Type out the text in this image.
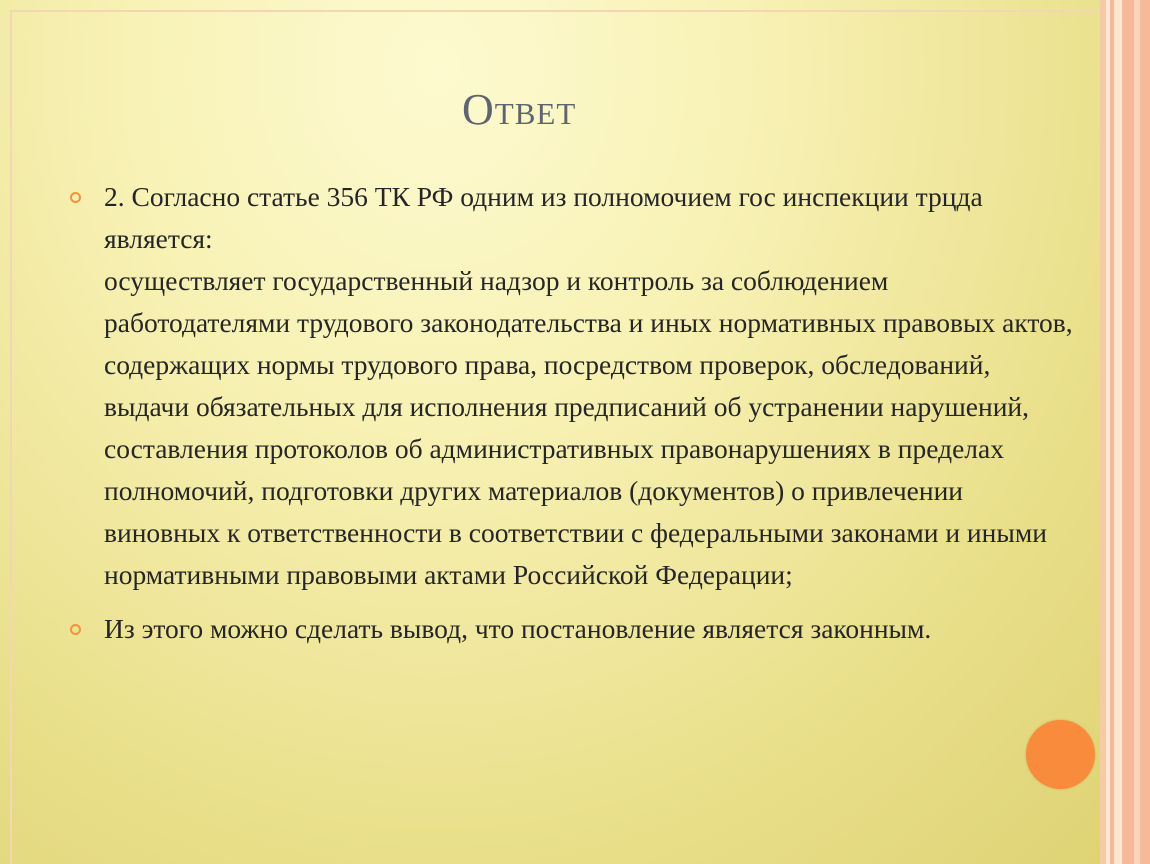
Ответ
2. Согласно статье 356 ТК РФ одним из полномочием гос инспекции трцда является:
осуществляет государственный надзор и контроль за соблюдением работодателями трудового законодательства и иных нормативных правовых актов, содержащих нормы трудового права, посредством проверок, обследований, выдачи обязательных для исполнения предписаний об устранении нарушений, составления протоколов об административных правонарушениях в пределах полномочий, подготовки других материалов (документов) о привлечении виновных к ответственности в соответствии с федеральными законами и иными нормативными правовыми актами Российской Федерации;
Из этого можно сделать вывод, что постановление является законным.
